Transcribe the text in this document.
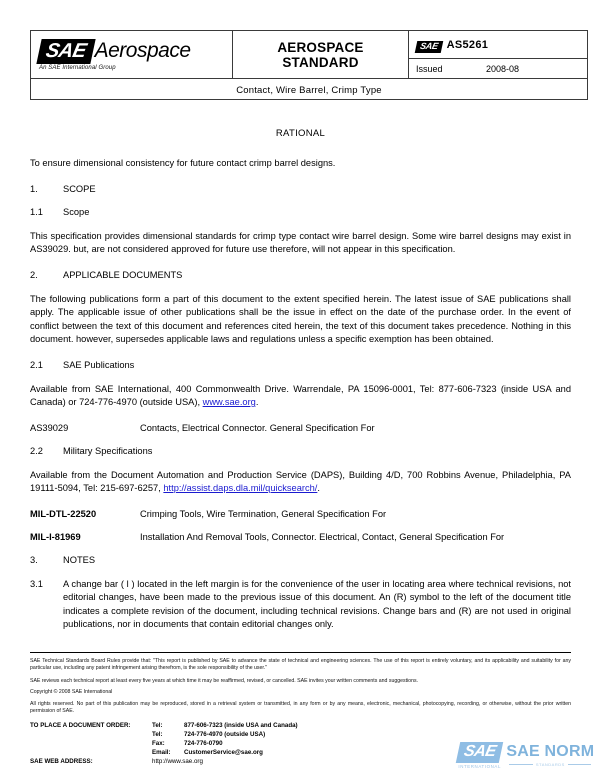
SAE Aerospace
An SAE International Group

AEROSPACE
STANDARD
	SAE AS5261

Issued	2008-08

Contact, Wire Barrel, Crimp Type
RATIONAL

To ensure dimensional consistency for future contact crimp barrel designs.

1.	SCOPE
1.1 Scope

This specification provides dimensional standards for crimp type contact wire barrel design. Some wire barrel designs may exist in AS39029. but, are not considered approved for future use therefore, will not appear in this specification.

2.	APPLICABLE DOCUMENTS

The following publications form a part of this document to the extent specified herein. The latest issue of SAE publications shall apply. The applicable issue of other publications shall be the issue in effect on the date of the purchase order. In the event of conflict between the text of this document and references cited herein, the text of this document takes precedence. Nothing in this document. however, supersedes applicable laws and regulations unless a specific exemption has been obtained.

2.1 SAE Publications

Available from SAE International, 400 Commonwealth Drive. Warrendale, PA 15096-0001, Tel: 877-606-7323 (inside USA and Canada) or 724-776-4970 (outside USA), www.sae.org.

AS39029	Contacts, Electrical Connector. General Specification For
2.2 Military Specifications

Available from the Document Automation and Production Service (DAPS), Building 4/D, 700 Robbins Avenue, Philadelphia, PA 19111-5094, Tel: 215-697-6257, http://assist.daps.dla.mil/quicksearch/.

MIL-DTL-22520	Crimping Tools, Wire Termination, General Specification For
MIL-I-81969	Installation And Removal Tools, Connector. Electrical, Contact, General Specification For
3.	NOTES
3.1	A change bar ( l ) located in the left margin is for the convenience of the user in locating area where technical revisions, not editorial changes, have been made to the previous issue of this document. An (R) symbol to the left of the document title indicates a complete revision of the document, including technical revisions. Change bars and (R) are not used in original publications, nor in documents that contain editorial changes only.

SAE Technical Standards Board Rules provide that: "This report is published by SAE to advance the state of technical and engineering sciences. The use of this report is entirely voluntary, and its applicability and suitability for any particular use, including any patent infringement arising therefrom, is the sole responsibility of the user."

SAE reviews each technical report at least every five years at which time it may be reaffirmed, revised, or cancelled. SAE invites your written comments and suggestions.

Copyright © 2008 SAE International

All rights reserved. No part of this publication may be reproduced, stored in a retrieval system or transmitted, in any form or by any means, electronic, mechanical, photocopying, recording, or otherwise, without the prior written permission of SAE.

TO PLACE A DOCUMENT ORDER:	Tel:	877-606-7323 (inside USA and Canada)
Tel:	724-776-4970 (outside USA)
Fax:	724-776-0790
Email:	CustomerService@sae.org
SAE WEB ADDRESS:	http://www.sae.org
SAE
INTERNATIONAL
SAE NORM
STANDARDS
